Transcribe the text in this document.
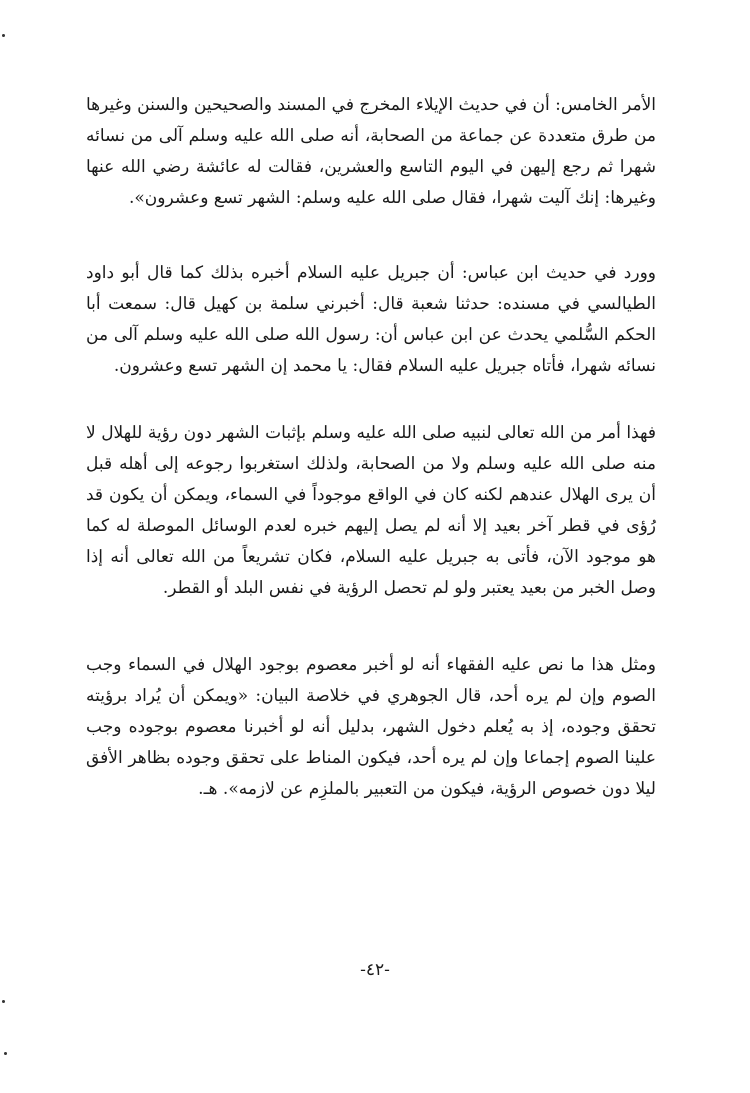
الأمر الخامس: أن في حديث الإيلاء المخرج في المسند والصحيحين والسنن وغيرها من طرق متعددة عن جماعة من الصحابة، أنه صلى الله عليه وسلم آلى من نسائه شهرا ثم رجع إليهن في اليوم التاسع والعشرين، فقالت له عائشة رضي الله عنها وغيرها: إنك آليت شهرا، فقال صلى الله عليه وسلم: الشهر تسع وعشرون».

وورد في حديث ابن عباس: أن جبريل عليه السلام أخبره بذلك كما قال أبو داود الطيالسي في مسنده: حدثنا شعبة قال: أخبرني سلمة بن كهيل قال: سمعت أبا الحكم السُّلمي يحدث عن ابن عباس أن: رسول الله صلى الله عليه وسلم آلى من نسائه شهرا، فأتاه جبريل عليه السلام فقال: يا محمد إن الشهر تسع وعشرون.

فهذا أمر من الله تعالى لنبيه صلى الله عليه وسلم بإثبات الشهر دون رؤية للهلال لا منه صلى الله عليه وسلم ولا من الصحابة، ولذلك استغربوا رجوعه إلى أهله قبل أن يرى الهلال عندهم لكنه كان في الواقع موجوداً في السماء، ويمكن أن يكون قد رُؤى في قطر آخر بعيد إلا أنه لم يصل إليهم خبره لعدم الوسائل الموصلة له كما هو موجود الآن، فأتى به جبريل عليه السلام، فكان تشريعاً من الله تعالى أنه إذا وصل الخبر من بعيد يعتبر ولو لم تحصل الرؤية في نفس البلد أو القطر.

ومثل هذا ما نص عليه الفقهاء أنه لو أخبر معصوم بوجود الهلال في السماء وجب الصوم وإن لم يره أحد، قال الجوهري في خلاصة البيان: «ويمكن أن يُراد برؤيته تحقق وجوده، إذ به يُعلم دخول الشهر، بدليل أنه لو أخبرنا معصوم بوجوده وجب علينا الصوم إجماعا وإن لم يره أحد، فيكون المناط على تحقق وجوده بظاهر الأفق ليلا دون خصوص الرؤية، فيكون من التعبير بالملزِم عن لازمه». هـ.

-٤٢-
